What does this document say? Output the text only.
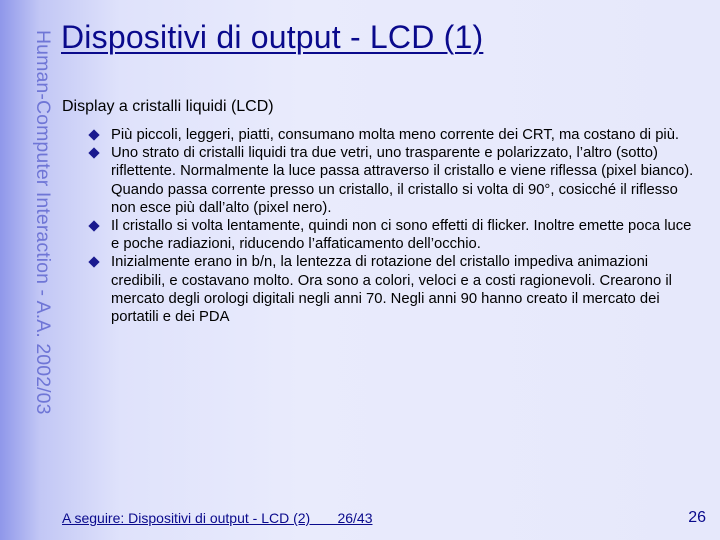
Human-Computer Interaction - A.A. 2002/03 Dispositivi di output - LCD (1)
Display a cristalli liquidi (LCD)
Più piccoli, leggeri, piatti, consumano molta meno corrente dei CRT, ma costano di più.
Uno strato di cristalli liquidi tra due vetri, uno trasparente e polarizzato, l’altro (sotto) riflettente. Normalmente la luce passa attraverso il cristallo e viene riflessa (pixel bianco). Quando passa corrente presso un cristallo, il cristallo si volta di 90°, cosicché il riflesso non esce più dall’alto (pixel nero).
Il cristallo si volta lentamente, quindi non ci sono effetti di flicker. Inoltre emette poca luce e poche radiazioni, riducendo l’affaticamento dell’occhio.
Inizialmente erano in b/n, la lentezza di rotazione del cristallo impediva animazioni credibili, e costavano molto. Ora sono a colori, veloci e a costi ragionevoli. Crearono il mercato degli orologi digitali negli anni 70. Negli anni 90 hanno creato il mercato dei portatili e dei PDA
A seguire: Dispositivi di output - LCD (2)       26/43	26
